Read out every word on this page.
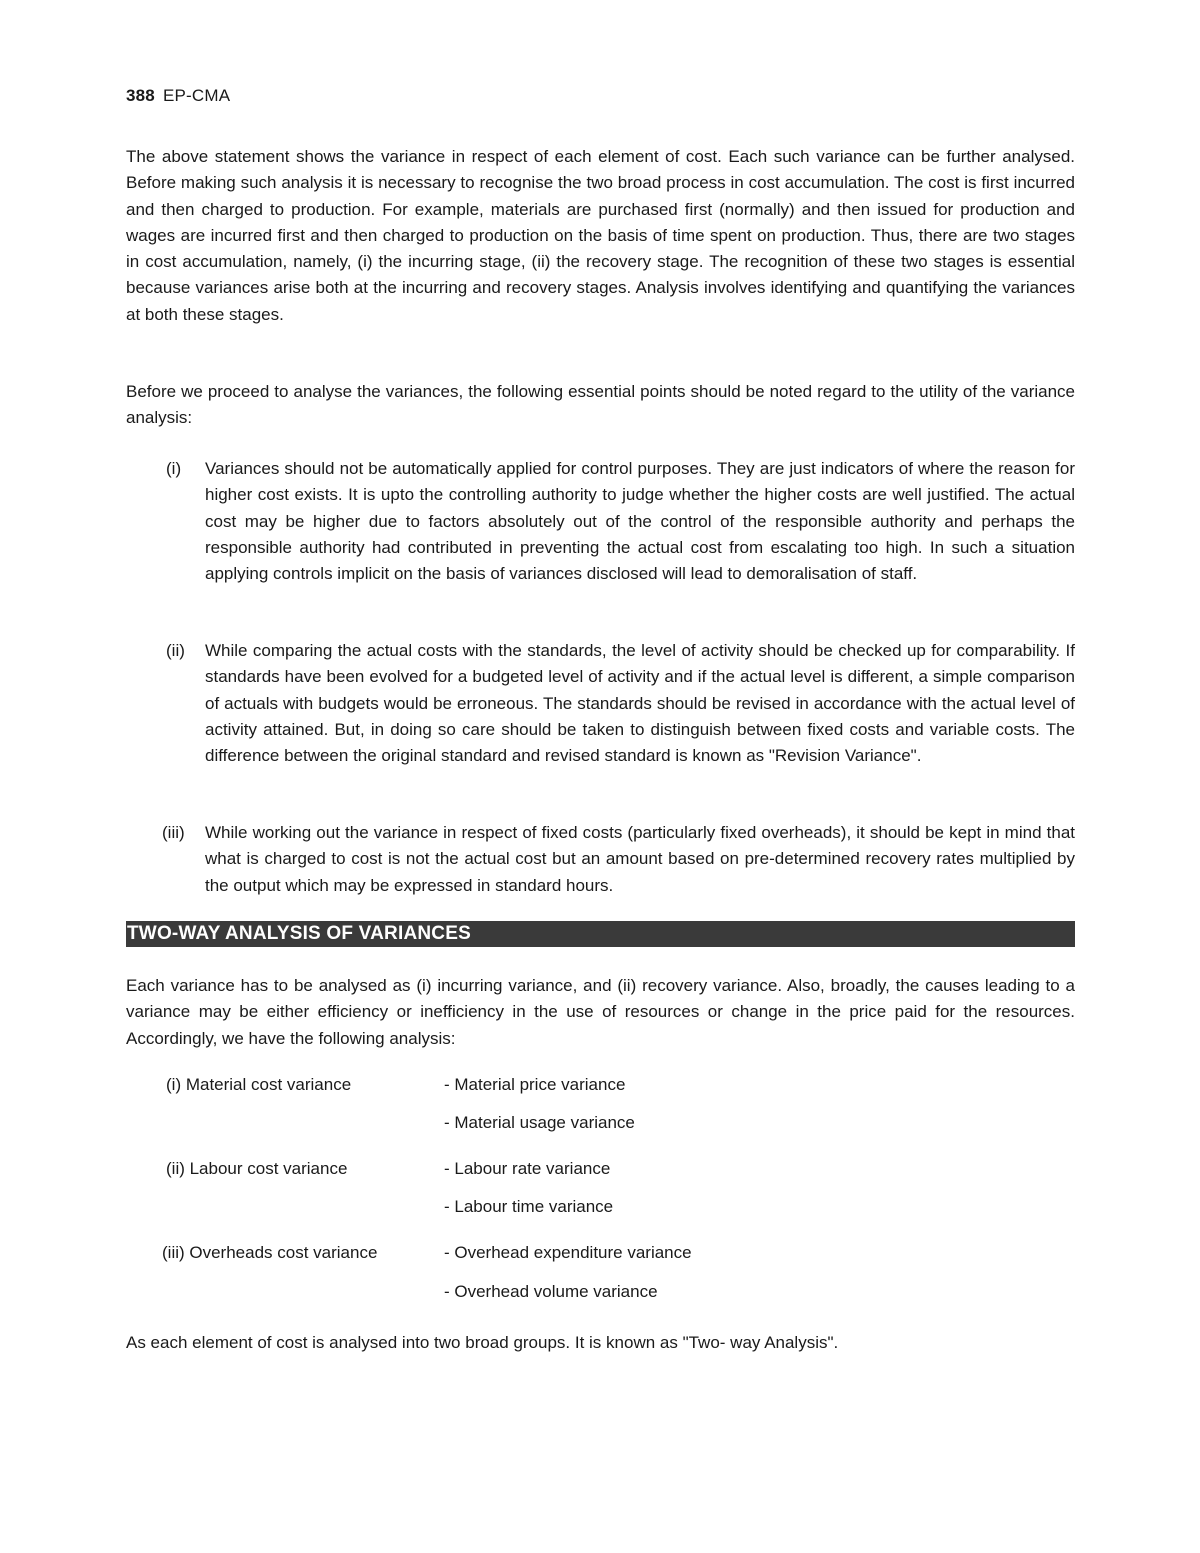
388 EP-CMA

The above statement shows the variance in respect of each element of cost. Each such variance can be further analysed. Before making such analysis it is necessary to recognise the two broad process in cost accumulation. The cost is first incurred and then charged to production. For example, materials are purchased first (normally) and then issued for production and wages are incurred first and then charged to production on the basis of time spent on production. Thus, there are two stages in cost accumulation, namely, (i) the incurring stage, (ii) the recovery stage. The recognition of these two stages is essential because variances arise both at the incurring and recovery stages. Analysis involves identifying and quantifying the variances at both these stages.

Before we proceed to analyse the variances, the following essential points should be noted regard to the utility of the variance analysis:

(i)	Variances should not be automatically applied for control purposes. They are just indicators of where the reason for higher cost exists. It is upto the controlling authority to judge whether the higher costs are well justified. The actual cost may be higher due to factors absolutely out of the control of the responsible authority and perhaps the responsible authority had contributed in preventing the actual cost from escalating too high. In such a situation applying controls implicit on the basis of variances disclosed will lead to demoralisation of staff.

(ii)	While comparing the actual costs with the standards, the level of activity should be checked up for comparability. If standards have been evolved for a budgeted level of activity and if the actual level is different, a simple comparison of actuals with budgets would be erroneous. The standards should be revised in accordance with the actual level of activity attained. But, in doing so care should be taken to distinguish between fixed costs and variable costs. The difference between the original standard and revised standard is known as "Revision Variance".

(iii)	While working out the variance in respect of fixed costs (particularly fixed overheads), it should be kept in mind that what is charged to cost is not the actual cost but an amount based on pre-determined recovery rates multiplied by the output which may be expressed in standard hours.

TWO-WAY ANALYSIS OF VARIANCES

Each variance has to be analysed as (i) incurring variance, and (ii) recovery variance. Also, broadly, the causes leading to a variance may be either efficiency or inefficiency in the use of resources or change in the price paid for the resources. Accordingly, we have the following analysis:

(i) Material cost variance	- Material price variance
- Material usage variance
(ii) Labour cost variance	- Labour rate variance
- Labour time variance
(iii) Overheads cost variance	- Overhead expenditure variance
- Overhead volume variance

As each element of cost is analysed into two broad groups. It is known as "Two- way Analysis".
